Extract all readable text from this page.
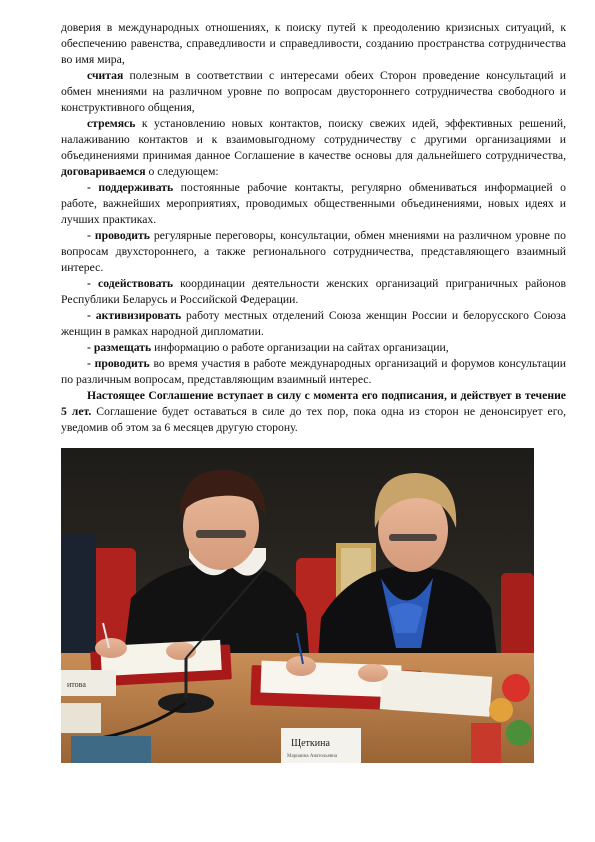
доверия в международных отношениях, к поиску путей к преодолению кризисных ситуаций, к обеспечению равенства, справедливости и справедливости, созданию пространства сотрудничества во имя мира,

считая полезным в соответствии с интересами обеих Сторон проведение консультаций и обмен мнениями на различном уровне по вопросам двустороннего сотрудничества свободного и конструктивного общения,

стремясь к установлению новых контактов, поиску свежих идей, эффективных решений, налаживанию контактов и к взаимовыгодному сотрудничеству с другими организациями и объединениями принимая данное Соглашение в качестве основы для дальнейшего сотрудничества, договариваемся о следующем:

- поддерживать постоянные рабочие контакты, регулярно обмениваться информацией о работе, важнейших мероприятиях, проводимых общественными объединениями, новых идеях и лучших практиках.

- проводить регулярные переговоры, консультации, обмен мнениями на различном уровне по вопросам двухстороннего, а также регионального сотрудничества, представляющего взаимный интерес.

- содействовать координации деятельности женских организаций приграничных районов Республики Беларусь и Российской Федерации.

- активизировать работу местных отделений Союза женщин России и белорусского Союза женщин в рамках народной дипломатии.

- размещать информацию о работе организации на сайтах организации,

- проводить во время участия в работе международных организаций и форумов консультации по различным вопросам, представляющим взаимный интерес.

Настоящее Соглашение вступает в силу с момента его подписания, и действует в течение 5 лет. Соглашение будет оставаться в силе до тех пор, пока одна из сторон не денонсирует его, уведомив об этом за 6 месяцев другую сторону.

итова
Щеткина
Марианна Анатольевна
